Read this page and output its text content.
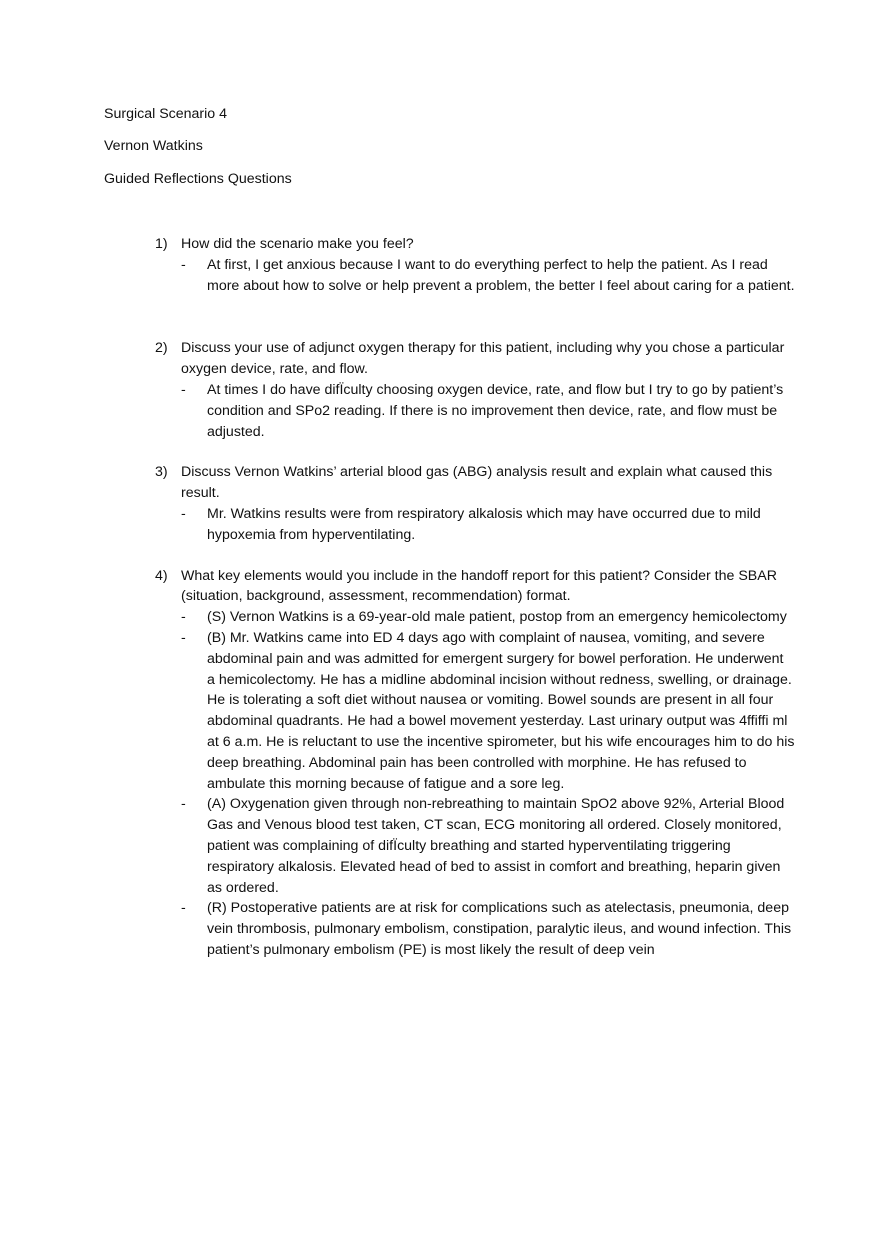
Surgical Scenario 4

Vernon Watkins

Guided Reflections Questions

1) How did the scenario make you feel?
- At first, I get anxious because I want to do everything perfect to help the patient. As I read more about how to solve or help prevent a problem, the better I feel about caring for a patient.
2) Discuss your use of adjunct oxygen therapy for this patient, including why you chose a particular oxygen device, rate, and flow.
- At times I do have difÏculty choosing oxygen device, rate, and flow but I try to go by patient’s condition and SPo2 reading. If there is no improvement then device, rate, and flow must be adjusted.
3) Discuss Vernon Watkins’ arterial blood gas (ABG) analysis result and explain what caused this result.
- Mr. Watkins results were from respiratory alkalosis which may have occurred due to mild hypoxemia from hyperventilating.
4) What key elements would you include in the handoff report for this patient? Consider the SBAR (situation, background, assessment, recommendation) format.
- (S) Vernon Watkins is a 69-year-old male patient, postop from an emergency hemicolectomy
- (B) Mr. Watkins came into ED 4 days ago with complaint of nausea, vomiting, and severe abdominal pain and was admitted for emergent surgery for bowel perforation. He underwent a hemicolectomy. He has a midline abdominal incision without redness, swelling, or drainage. He is tolerating a soft diet without nausea or vomiting. Bowel sounds are present in all four abdominal quadrants. He had a bowel movement yesterday. Last urinary output was 4ffiffi ml at 6 a.m. He is reluctant to use the incentive spirometer, but his wife encourages him to do his deep breathing. Abdominal pain has been controlled with morphine. He has refused to ambulate this morning because of fatigue and a sore leg.
- (A) Oxygenation given through non-rebreathing to maintain SpO2 above 92%, Arterial Blood Gas and Venous blood test taken, CT scan, ECG monitoring all ordered. Closely monitored, patient was complaining of difÏculty breathing and started hyperventilating triggering respiratory alkalosis. Elevated head of bed to assist in comfort and breathing, heparin given as ordered.
- (R) Postoperative patients are at risk for complications such as atelectasis, pneumonia, deep vein thrombosis, pulmonary embolism, constipation, paralytic ileus, and wound infection. This patient’s pulmonary embolism (PE) is most likely the result of deep vein
